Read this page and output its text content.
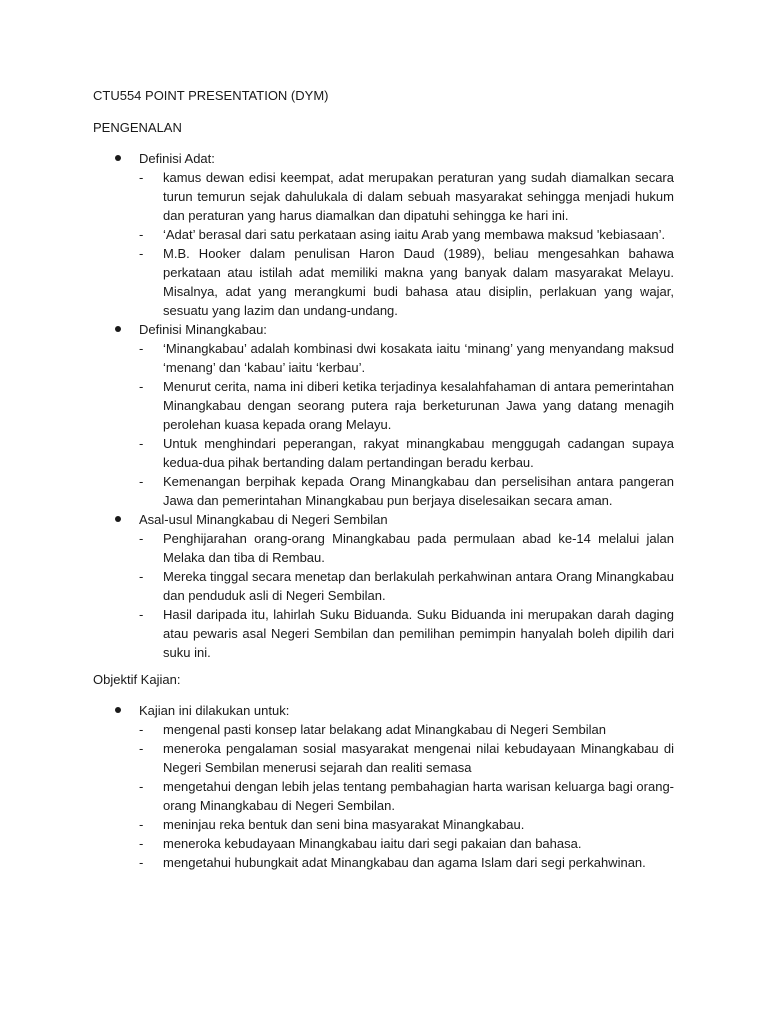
CTU554 POINT PRESENTATION (DYM)
PENGENALAN
Definisi Adat:
- kamus dewan edisi keempat, adat merupakan peraturan yang sudah diamalkan secara turun temurun sejak dahulukala di dalam sebuah masyarakat sehingga menjadi hukum dan peraturan yang harus diamalkan dan dipatuhi sehingga ke hari ini.
- ‘Adat’ berasal dari satu perkataan asing iaitu Arab yang membawa maksud 'kebiasaan’.
- M.B. Hooker dalam penulisan Haron Daud (1989), beliau mengesahkan bahawa perkataan atau istilah adat memiliki makna yang banyak dalam masyarakat Melayu. Misalnya, adat yang merangkumi budi bahasa atau disiplin, perlakuan yang wajar, sesuatu yang lazim dan undang-undang.
Definisi Minangkabau:
- ‘Minangkabau’ adalah kombinasi dwi kosakata iaitu ‘minang’ yang menyandang maksud ‘menang’ dan ‘kabau’ iaitu ‘kerbau’.
- Menurut cerita, nama ini diberi ketika terjadinya kesalahfahaman di antara pemerintahan Minangkabau dengan seorang putera raja berketurunan Jawa yang datang menagih perolehan kuasa kepada orang Melayu.
- Untuk menghindari peperangan, rakyat minangkabau menggugah cadangan supaya kedua-dua pihak bertanding dalam pertandingan beradu kerbau.
- Kemenangan berpihak kepada Orang Minangkabau dan perselisihan antara pangeran Jawa dan pemerintahan Minangkabau pun berjaya diselesaikan secara aman.
Asal-usul Minangkabau di Negeri Sembilan
- Penghijarahan orang-orang Minangkabau pada permulaan abad ke-14 melalui jalan Melaka dan tiba di Rembau.
- Mereka tinggal secara menetap dan berlakulah perkahwinan antara Orang Minangkabau dan penduduk asli di Negeri Sembilan.
- Hasil daripada itu, lahirlah Suku Biduanda. Suku Biduanda ini merupakan darah daging atau pewaris asal Negeri Sembilan dan pemilihan pemimpin hanyalah boleh dipilih dari suku ini.
Objektif Kajian:
Kajian ini dilakukan untuk:
- mengenal pasti konsep latar belakang adat Minangkabau di Negeri Sembilan
- meneroka pengalaman sosial masyarakat mengenai nilai kebudayaan Minangkabau di Negeri Sembilan menerusi sejarah dan realiti semasa
- mengetahui dengan lebih jelas tentang pembahagian harta warisan keluarga bagi orang-orang Minangkabau di Negeri Sembilan.
- meninjau reka bentuk dan seni bina masyarakat Minangkabau.
- meneroka kebudayaan Minangkabau iaitu dari segi pakaian dan bahasa.
- mengetahui hubungkait adat Minangkabau dan agama Islam dari segi perkahwinan.
